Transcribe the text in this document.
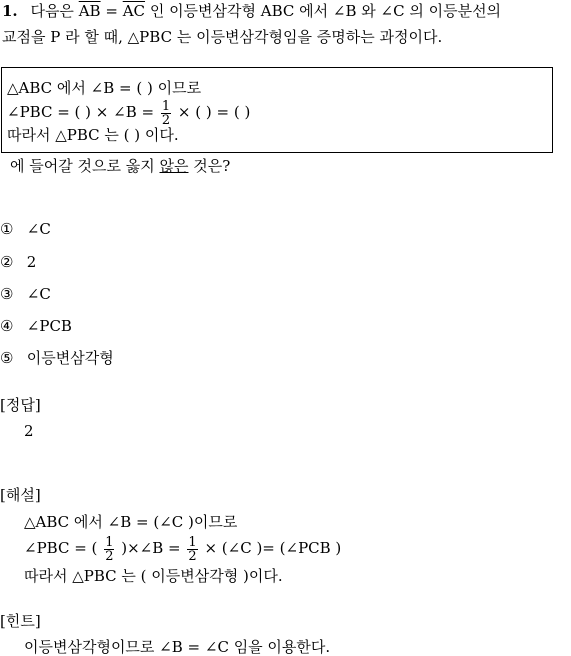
1. 다음은 $\overline{AB} = \overline{AC}$ 인 이등변삼각형 ABC 에서 ∠B 와 ∠C 의 이등분선의
교점을 P 라 할 때, △PBC 는 이등변삼각형임을 증명하는 과정이다.
△ABC 에서 ∠B = ( ) 이므로
∠PBC = ( ) × ∠B = $\frac{1}{2}$ × ( ) = ( )
따라서 △PBC 는 ( ) 이다.
에 들어갈 것으로 옳지 않은 것은?
① ∠C
② 2
③ ∠C
④ ∠PCB
⑤ 이등변삼각형
[정답]
2
[해설]
△ABC 에서 ∠B = (∠C )이므로
∠PBC = ( $\frac{1}{2}$ )×∠B = $\frac{1}{2}$ × (∠C )= (∠PCB )
따라서 △PBC 는 ( 이등변삼각형 )이다.
[힌트]
이등변삼각형이므로 ∠B = ∠C 임을 이용한다.
